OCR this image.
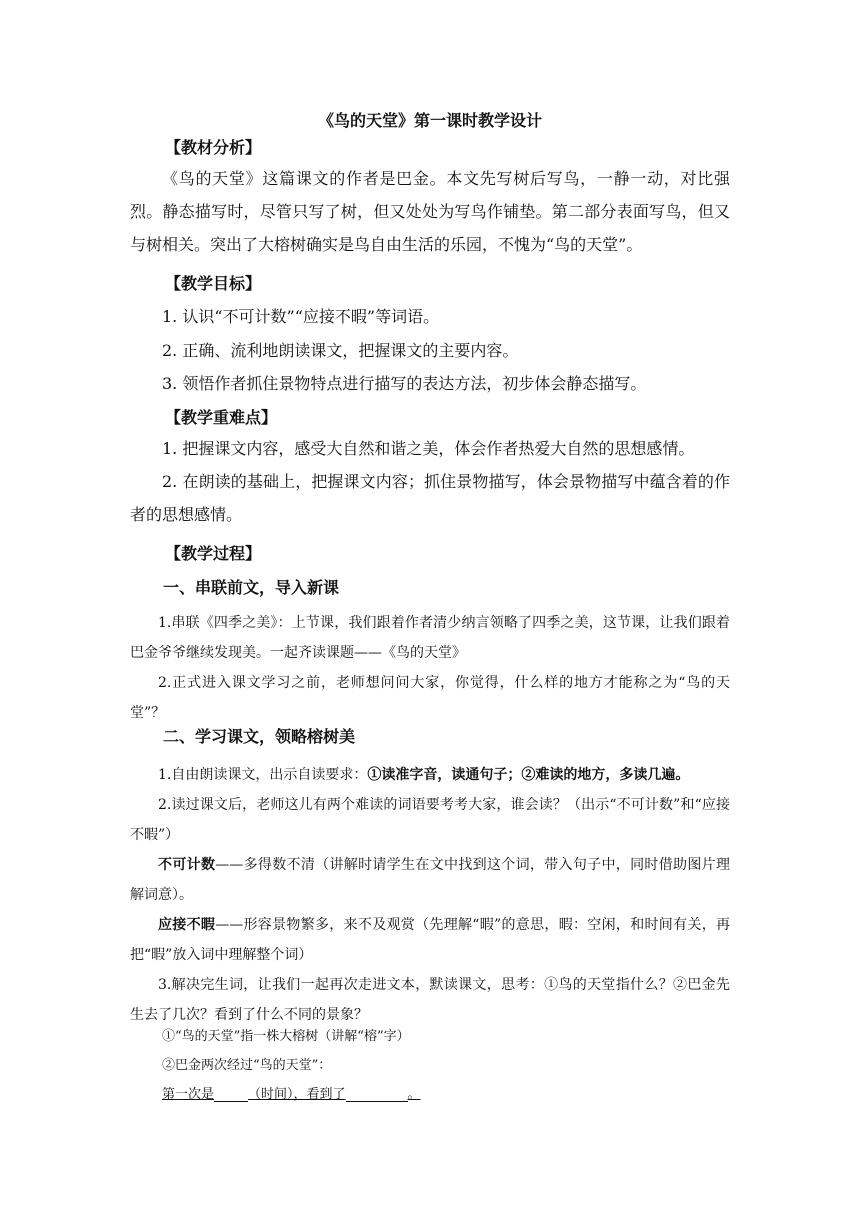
《鸟的天堂》第一课时教学设计
【教材分析】

《鸟的天堂》这篇课文的作者是巴金。本文先写树后写鸟，一静一动，对比强烈。静态描写时，尽管只写了树，但又处处为写鸟作铺垫。第二部分表面写鸟，但又与树相关。突出了大榕树确实是鸟自由生活的乐园，不愧为“鸟的天堂”。

【教学目标】
1. 认识“不可计数”“应接不暇”等词语。
2. 正确、流利地朗读课文，把握课文的主要内容。
3. 领悟作者抓住景物特点进行描写的表达方法，初步体会静态描写。
【教学重难点】

1. 把握课文内容，感受大自然和谐之美，体会作者热爱大自然的思想感情。

2. 在朗读的基础上，把握课文内容；抓住景物描写，体会景物描写中蕴含着的作者的思想感情。

【教学过程】
一、串联前文，导入新课

1.串联《四季之美》：上节课，我们跟着作者清少纳言领略了四季之美，这节课，让我们跟着巴金爷爷继续发现美。一起齐读课题——《鸟的天堂》

2.正式进入课文学习之前，老师想问问大家，你觉得，什么样的地方才能称之为“鸟的天堂”？

二、学习课文，领略榕树美

1.自由朗读课文，出示自读要求：①读准字音，读通句子；②难读的地方，多读几遍。

2.读过课文后，老师这儿有两个难读的词语要考考大家，谁会读？（出示“不可计数”和“应接不暇”）

不可计数——多得数不清（讲解时请学生在文中找到这个词，带入句子中，同时借助图片理解词意）。

应接不暇——形容景物繁多，来不及观赏（先理解“暇”的意思，暇：空闲，和时间有关，再把“暇”放入词中理解整个词）

3.解决完生词，让我们一起再次走进文本，默读课文，思考：①鸟的天堂指什么？②巴金先生去了几次？看到了什么不同的景象？

①“鸟的天堂”指一株大榕树（讲解“榕”字）
②巴金两次经过“鸟的天堂”：
第一次是	（时间），看到了	。
